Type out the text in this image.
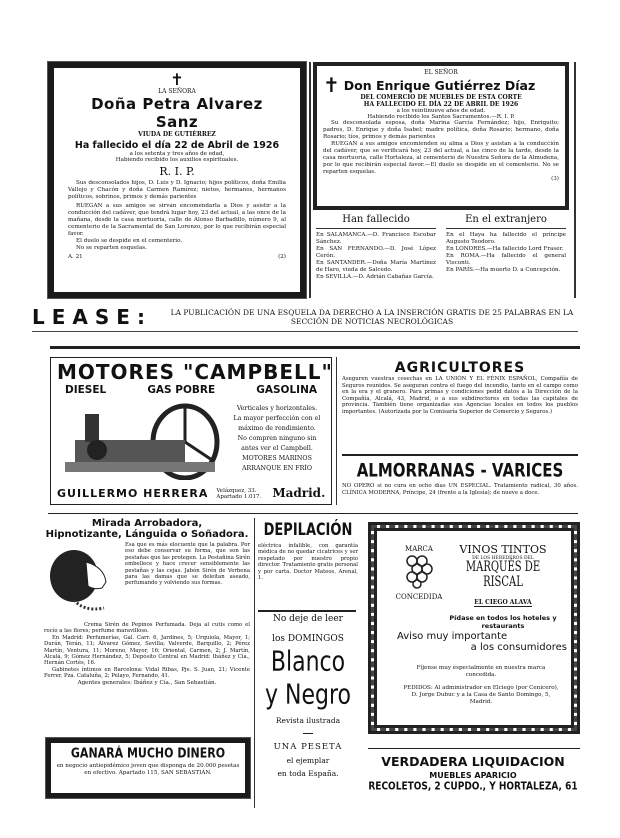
✝
LA SEÑORA
Doña Petra Alvarez Sanz
VIUDA DE GUTIÉRREZ
Ha fallecido el día 22 de Abril de 1926
a los setenta y tres años de edad,
Habiendo recibido los auxilios espirituales.
R. I. P.

Sus desconsolados hijos, D. Luis y D. Ignacio; hijos políticos, doña Emilia Vallejo y Chacón y doña Carmen Ramírez; nietos, hermanos, hermanos políticos, sobrinos, primos y demás parientes

RUEGAN a sus amigos se sirvan encomendarla a Dios y asistir a la conducción del cadáver, que tendrá lugar hoy, 23 del actual, a las once de la mañana, desde la casa mortuoria, calle de Alonso Barbadillo, número 9, al cementerio de la Sacramental de San Lorenzo, por lo que recibirán especial favor.

El duelo se despide en el cementerio.

No se reparten esquelas.

A. 21	(2)
EL SEÑOR
✝ Don Enrique Gutiérrez Díaz
DEL COMERCIO DE MUEBLES DE ESTA CORTE
HA FALLECIDO EL DÍA 22 DE ABRIL DE 1926
a los veintinueve años de edad.
Habiendo recibido los Santos Sacramentos.—R. I. P.

Su desconsolada esposa, doña Marina García Fernández; hijo, Enriquito; padres, D. Enrique y doña Isabel; madre política, doña Rosario; hermano, doña Rosario; tíos, primos y demás parientes

RUEGAN a sus amigos encomienden su alma a Dios y asistan a la conducción del cadáver, que se verificará hoy, 23 del actual, a las cinco de la tarde, desde la casa mortuoria, calle Hortaleza, al cementerio de Nuestra Señora de la Almudena, por lo que recibirán especial favor.—El duelo se despide en el cementerio. No se reparten esquelas.

(3)
Han fallecido

En SALAMANCA.—D. Francisco Escobar Sánchez.

En SAN FERNANDO.—D. José López Cerón.

En SANTANDER.—Doña María Martínez de Haro, viuda de Salcedo.

En SEVILLA.—D. Adrián Cabañas García.

En el extranjero

En el Haya ha fallecido el príncipe Augusto Teodoro.

En LONDRES.—Ha fallecido Lord Fraser.

En ROMA.—Ha fallecido el general Visconti.

En PARÍS.—Ha muerto D. a Concepción.

LEASE:	LA PUBLICACIÓN DE UNA ESQUELA DA DERECHO A LA INSERCIÓN GRATIS DE 25 PALABRAS EN LA SECCIÓN DE NOTICIAS NECROLÓGICAS
MOTORES "CAMPBELL"
DIESEL	GAS POBRE	GASOLINA
Verticales y horizontales.
La mayor perfección con el máximo de rendimiento.
No compren ninguno sin antes ver el Campbell.
MOTORES MARINOS
ARRANQUE EN FRÍO
GUILLERMO HERRERA Velázquez, 33. Apartado 1.017. Madrid.
AGRICULTORES

Aseguren vuestras cosechas en LA UNIÓN Y EL FÉNIX ESPAÑOL, Compañía de Seguros reunidos. Se aseguran contra el fuego del incendio, tanto en el campo como en la era y el granero. Para primas y condiciones pedid datos a la Dirección de la Compañía, Alcalá, 43, Madrid, o a sus subdirectores en todas las capitales de provincia. También tiene organizadas sus Agencias locales en todos los pueblos importantes. (Autorizada por la Comisaría Superior de Comercio y Seguros.)

ALMORRANAS - VARICES

NO OPERO si no cura en ocho días UN ESPECIAL. Tratamiento radical, 30 años. CLÍNICA MODERNA, Príncipe, 24 (frente a la Iglesia); de nueve a doce.

Mirada Arrobadora,
Hipnotizante, Lánguida o Soñadora.

Esa que es más elocuente que la palabra. Por eso debe conservar su forma, que son las pestañas que las protegen. La Pestañina Sirén embellece y hace crecer sensiblemente las pestañas y las cejas. Jabón Sirén de Verbena para las damas que se deleitan aseado, perfumando y volviendo sus formas.

Crema Sirén de Pepinos Perfumada. Deja al cutis como el rocío a las flores; perfume maravilloso.

En Madrid: Perfumerías, Gal. Carr. 6, Jardines, 5; Urquiola, Mayor, 1; Durán, Terán, 11; Álvarez Gómez, Sevilla; Valverde, Barquillo, 2; Pérez Martín, Ventura, 11; Moreno, Mayor, 16; Oriental, Carmen, 2; J. Martín, Alcalá, 9; Gómez Hernández, 5; Depósito Central en Madrid: Ibáñez y Cía., Hernán Cortés, 16.

Gabinetes íntimos en Barcelona: Vidal Ribas, Pje. S. Juan, 21; Vicente Ferrer, Pza. Cataluña, 2; Pelayo, Fernando, 41.

Agentes generales: Ibáñez y Cía., San Sebastián.

GANARÁ MUCHO DINERO

en negocio antiepidémico joven que disponga de 20.000 pesetas en efectivo. Apartado 115, SAN SEBASTIÁN.

DEPILACIÓN

eléctrica infalible, con garantía médica de no quedar cicatrices y ser respetado por nuestro propio director. Tratamiento gratis personal y por carta. Doctor Mateos, Arenal, 1.

No deje de leer
los DOMINGOS
Blanco
y Negro
Revista ilustrada
UNA PESETA
el ejemplar
en toda España.
MARCA
CONCEDIDA
VINOS TINTOS
DE LOS HEREDEROS DEL
MARQUÉS DE RISCAL
EL CIEGO ALAVA
Pídase en todos los hoteles y restaurants
Aviso muy importante
a los consumidores

Fíjense muy especialmente en nuestra marca concedida.

PEDIDOS: Al administrador en Elciego (por Cenicero), D. Jorge Dubuc y a la Casa de Santo Domingo, 5, Madrid.

VERDADERA LIQUIDACION
MUEBLES APARICIO
RECOLETOS, 2 CUPDO., Y HORTALEZA, 61
